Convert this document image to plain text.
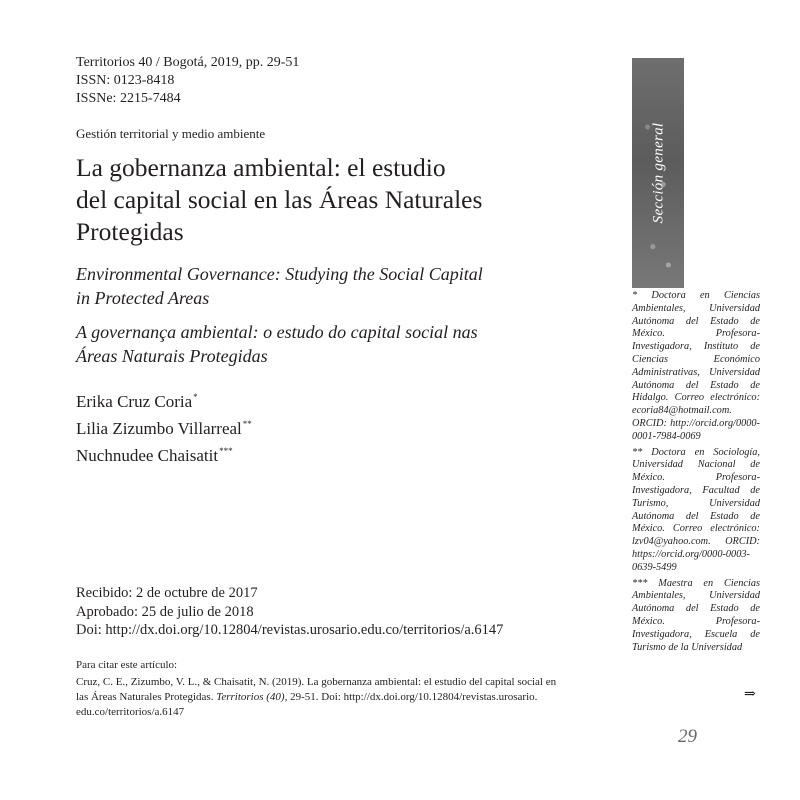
Territorios 40 / Bogotá, 2019, pp. 29-51
ISSN: 0123-8418
ISSNe: 2215-7484
Gestión territorial y medio ambiente
La gobernanza ambiental: el estudio
del capital social en las Áreas Naturales
Protegidas
Environmental Governance: Studying the Social Capital
in Protected Areas
A governança ambiental: o estudo do capital social nas
Áreas Naturais Protegidas
Erika Cruz Coria*
Lilia Zizumbo Villarreal**
Nuchnudee Chaisatit***
Recibido: 2 de octubre de 2017
Aprobado: 25 de julio de 2018
Doi: http://dx.doi.org/10.12804/revistas.urosario.edu.co/territorios/a.6147
Para citar este artículo:
Cruz, C. E., Zizumbo, V. L., & Chaisatit, N. (2019). La gobernanza ambiental: el estudio del capital social en
las Áreas Naturales Protegidas. Territorios (40), 29-51. Doi: http://dx.doi.org/10.12804/revistas.urosario.
edu.co/territorios/a.6147
Sección general

* Doctora en Ciencias Ambientales, Universidad Autónoma del Estado de México. Profesora-Investigadora, Instituto de Ciencias Económico Administrativas, Universidad Autónoma del Estado de Hidalgo. Correo electrónico: ecoria84@hotmail.com. ORCID: http://orcid.org/0000-0001-7984-0069

** Doctora en Sociología, Universidad Nacional de México. Profesora-Investigadora, Facultad de Turismo, Universidad Autónoma del Estado de México. Correo electrónico: lzv04@yahoo.com. ORCID: https://orcid.org/0000-0003-0639-5499

*** Maestra en Ciencias Ambientales, Universidad Autónoma del Estado de México. Profesora-Investigadora, Escuela de Turismo de la Universidad

⇒
29
